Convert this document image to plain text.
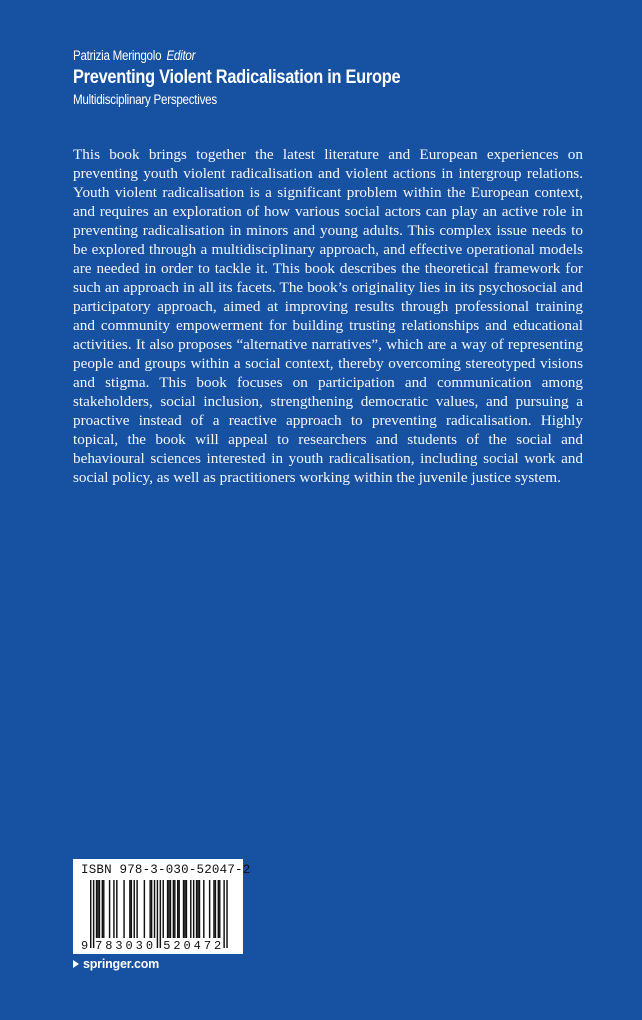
Patrizia Meringolo Editor
Preventing Violent Radicalisation in Europe
Multidisciplinary Perspectives

This book brings together the latest literature and European experiences on preventing youth violent radicalisation and violent actions in intergroup relations. Youth violent radicalisation is a significant problem within the European context, and requires an exploration of how various social actors can play an active role in preventing radicalisation in minors and young adults. This complex issue needs to be explored through a multidisciplinary approach, and effective operational models are needed in order to tackle it. This book describes the theoretical framework for such an approach in all its facets. The book’s originality lies in its psychosocial and participatory approach, aimed at improving results through professional training and community empowerment for building trusting relationships and educational activities. It also proposes “alternative narratives”, which are a way of representing people and groups within a social context, thereby overcoming stereotyped visions and stigma. This book focuses on participation and communication among stakeholders, social inclusion, strengthening democratic values, and pursuing a proactive instead of a reactive approach to preventing radicalisation. Highly topical, the book will appeal to researchers and students of the social and behavioural sciences interested in youth radicalisation, including social work and social policy, as well as practitioners working within the juvenile justice system.

ISBN 978-3-030-52047-2
9 7 8 3 0 3 0 5 2 0 4 7 2
springer.com
